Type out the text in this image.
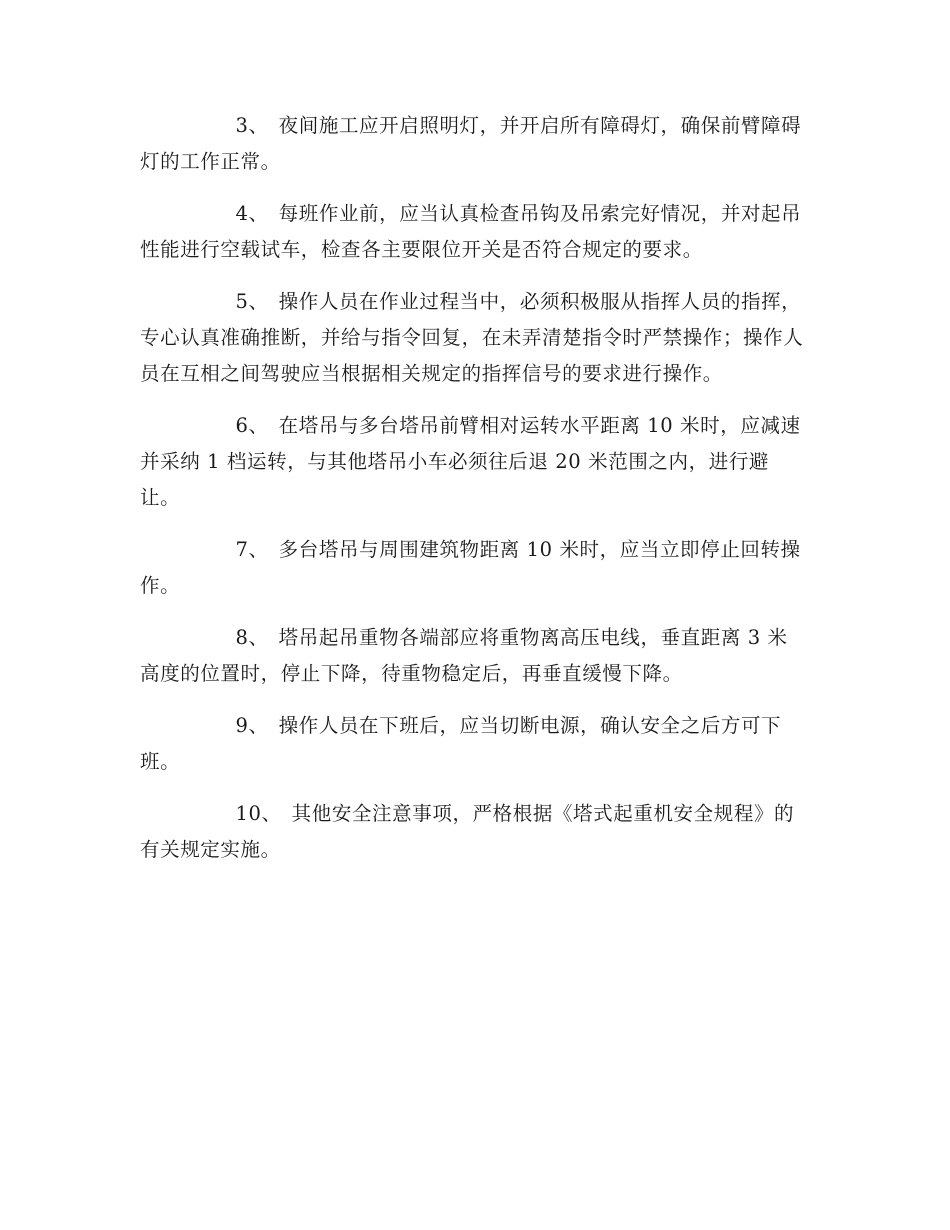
3、 夜间施工应开启照明灯，并开启所有障碍灯，确保前臂障碍灯的工作正常。

4、 每班作业前，应当认真检查吊钩及吊索完好情况，并对起吊性能进行空载试车，检查各主要限位开关是否符合规定的要求。

5、 操作人员在作业过程当中，必须积极服从指挥人员的指挥，专心认真准确推断，并给与指令回复，在未弄清楚指令时严禁操作；操作人员在互相之间驾驶应当根据相关规定的指挥信号的要求进行操作。

6、 在塔吊与多台塔吊前臂相对运转水平距离 10 米时，应减速并采纳 1 档运转，与其他塔吊小车必须往后退 20 米范围之内，进行避让。

7、 多台塔吊与周围建筑物距离 10 米时，应当立即停止回转操作。

8、 塔吊起吊重物各端部应将重物离高压电线，垂直距离 3 米高度的位置时，停止下降，待重物稳定后，再垂直缓慢下降。

9、 操作人员在下班后，应当切断电源，确认安全之后方可下班。

10、 其他安全注意事项，严格根据《塔式起重机安全规程》的有关规定实施。
